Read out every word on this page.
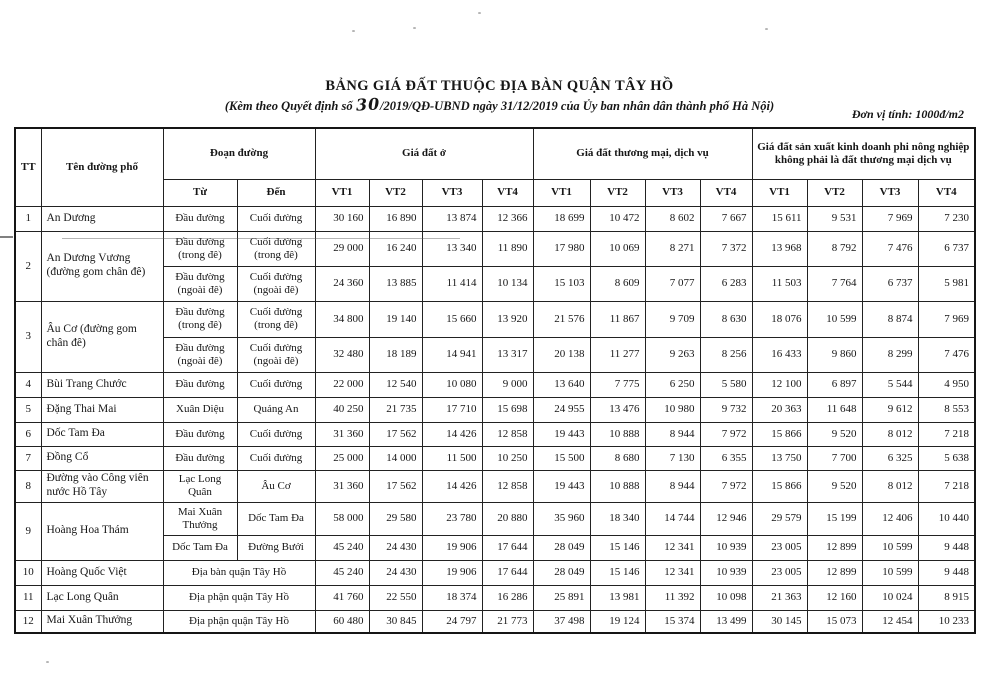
BẢNG GIÁ ĐẤT THUỘC ĐỊA BÀN QUẬN TÂY HỒ
(Kèm theo Quyết định số 30/2019/QĐ-UBND ngày 31/12/2019 của Ủy ban nhân dân thành phố Hà Nội)
Đơn vị tính: 1000đ/m2
TT	Tên đường phố	Đoạn đường		Giá đất ở				Giá đất thương mại, dịch vụ				Giá đất sản xuất kinh doanh phi nông nghiệp không phải là đất thương mại dịch vụ			
		Từ	Đến	VT1	VT2	VT3	VT4	VT1	VT2	VT3	VT4	VT1	VT2	VT3	VT4
1	An Dương	Đầu đường	Cuối đường	30 160	16 890	13 874	12 366	18 699	10 472	8 602	7 667	15 611	9 531	7 969	7 230
2	An Dương Vương (đường gom chân đê)	Đầu đường (trong đê)	Cuối đường (trong đê)	29 000	16 240	13 340	11 890	17 980	10 069	8 271	7 372	13 968	8 792	7 476	6 737
		Đầu đường (ngoài đê)	Cuối đường (ngoài đê)	24 360	13 885	11 414	10 134	15 103	8 609	7 077	6 283	11 503	7 764	6 737	5 981
3	Âu Cơ (đường gom chân đê)	Đầu đường (trong đê)	Cuối đường (trong đê)	34 800	19 140	15 660	13 920	21 576	11 867	9 709	8 630	18 076	10 599	8 874	7 969
		Đầu đường (ngoài đê)	Cuối đường (ngoài đê)	32 480	18 189	14 941	13 317	20 138	11 277	9 263	8 256	16 433	9 860	8 299	7 476
4	Bùi Trang Chước	Đầu đường	Cuối đường	22 000	12 540	10 080	9 000	13 640	7 775	6 250	5 580	12 100	6 897	5 544	4 950
5	Đặng Thai Mai	Xuân Diệu	Quảng An	40 250	21 735	17 710	15 698	24 955	13 476	10 980	9 732	20 363	11 648	9 612	8 553
6	Dốc Tam Đa	Đầu đường	Cuối đường	31 360	17 562	14 426	12 858	19 443	10 888	8 944	7 972	15 866	9 520	8 012	7 218
7	Đồng Cổ	Đầu đường	Cuối đường	25 000	14 000	11 500	10 250	15 500	8 680	7 130	6 355	13 750	7 700	6 325	5 638
8	Đường vào Công viên nước Hồ Tây	Lạc Long Quân	Âu Cơ	31 360	17 562	14 426	12 858	19 443	10 888	8 944	7 972	15 866	9 520	8 012	7 218
9	Hoàng Hoa Thám	Mai Xuân Thưởng	Dốc Tam Đa	58 000	29 580	23 780	20 880	35 960	18 340	14 744	12 946	29 579	15 199	12 406	10 440
		Dốc Tam Đa	Đường Bưởi	45 240	24 430	19 906	17 644	28 049	15 146	12 341	10 939	23 005	12 899	10 599	9 448
10	Hoàng Quốc Việt	Địa bàn quận Tây Hồ		45 240	24 430	19 906	17 644	28 049	15 146	12 341	10 939	23 005	12 899	10 599	9 448
11	Lạc Long Quân	Địa phận quận Tây Hồ		41 760	22 550	18 374	16 286	25 891	13 981	11 392	10 098	21 363	12 160	10 024	8 915
12	Mai Xuân Thưởng	Địa phận quận Tây Hồ		60 480	30 845	24 797	21 773	37 498	19 124	15 374	13 499	30 145	15 073	12 454	10 233
